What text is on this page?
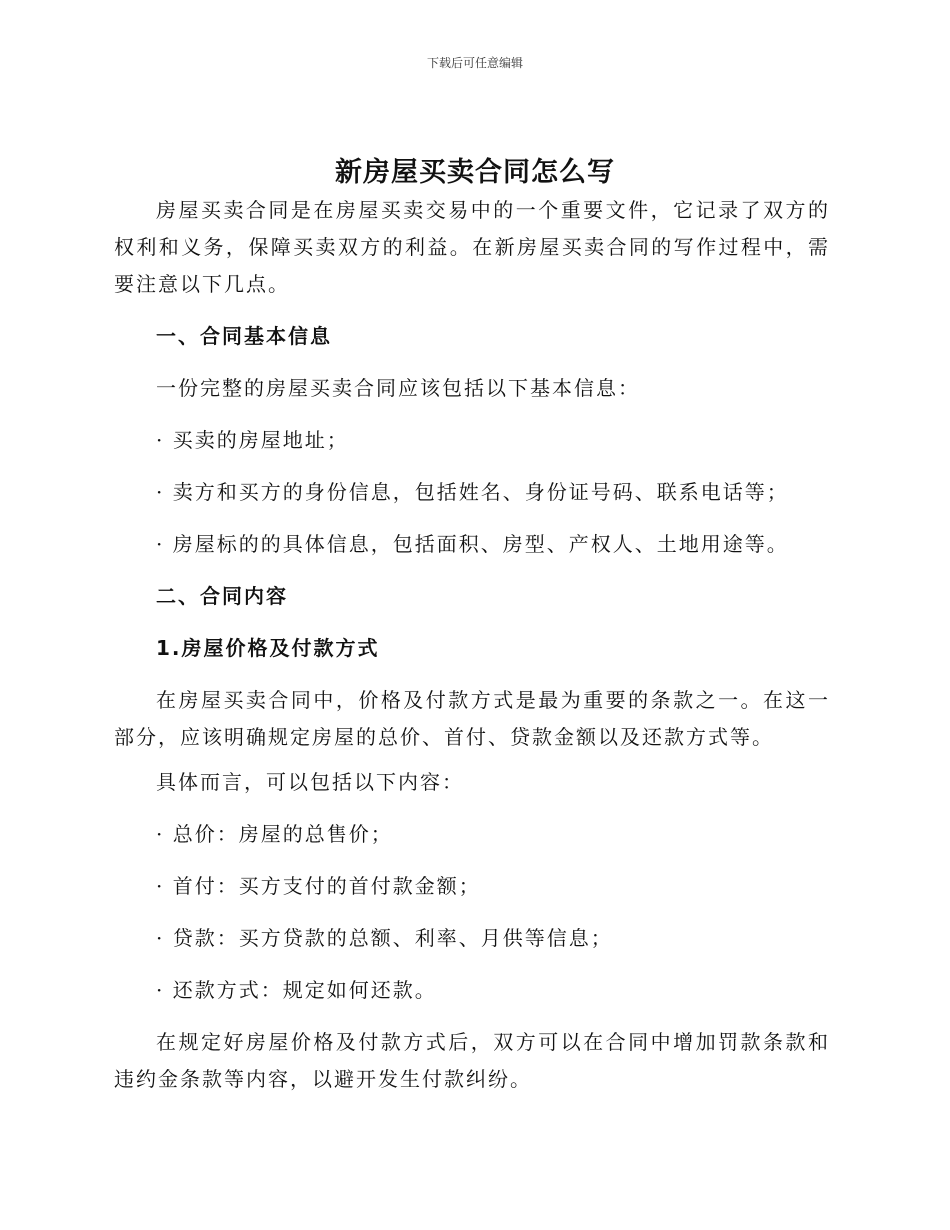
下载后可任意编辑
新房屋买卖合同怎么写
房屋买卖合同是在房屋买卖交易中的一个重要文件，它记录了双方的权利和义务，保障买卖双方的利益。在新房屋买卖合同的写作过程中，需要注意以下几点。
一、合同基本信息
一份完整的房屋买卖合同应该包括以下基本信息：
· 买卖的房屋地址；
· 卖方和买方的身份信息，包括姓名、身份证号码、联系电话等；
· 房屋标的的具体信息，包括面积、房型、产权人、土地用途等。
二、合同内容
1.房屋价格及付款方式
在房屋买卖合同中，价格及付款方式是最为重要的条款之一。在这一部分，应该明确规定房屋的总价、首付、贷款金额以及还款方式等。
具体而言，可以包括以下内容：
· 总价：房屋的总售价；
· 首付：买方支付的首付款金额；
· 贷款：买方贷款的总额、利率、月供等信息；
· 还款方式：规定如何还款。
在规定好房屋价格及付款方式后，双方可以在合同中增加罚款条款和违约金条款等内容，以避开发生付款纠纷。
